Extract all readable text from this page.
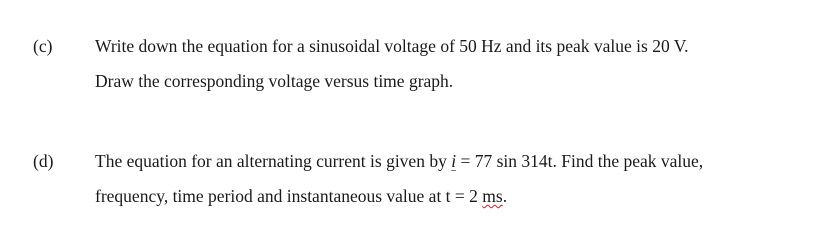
(c) Write down the equation for a sinusoidal voltage of 50 Hz and its peak value is 20 V.
Draw the corresponding voltage versus time graph.
(d) The equation for an alternating current is given by i = 77 sin 314t. Find the peak value,
frequency, time period and instantaneous value at t = 2 ms.
